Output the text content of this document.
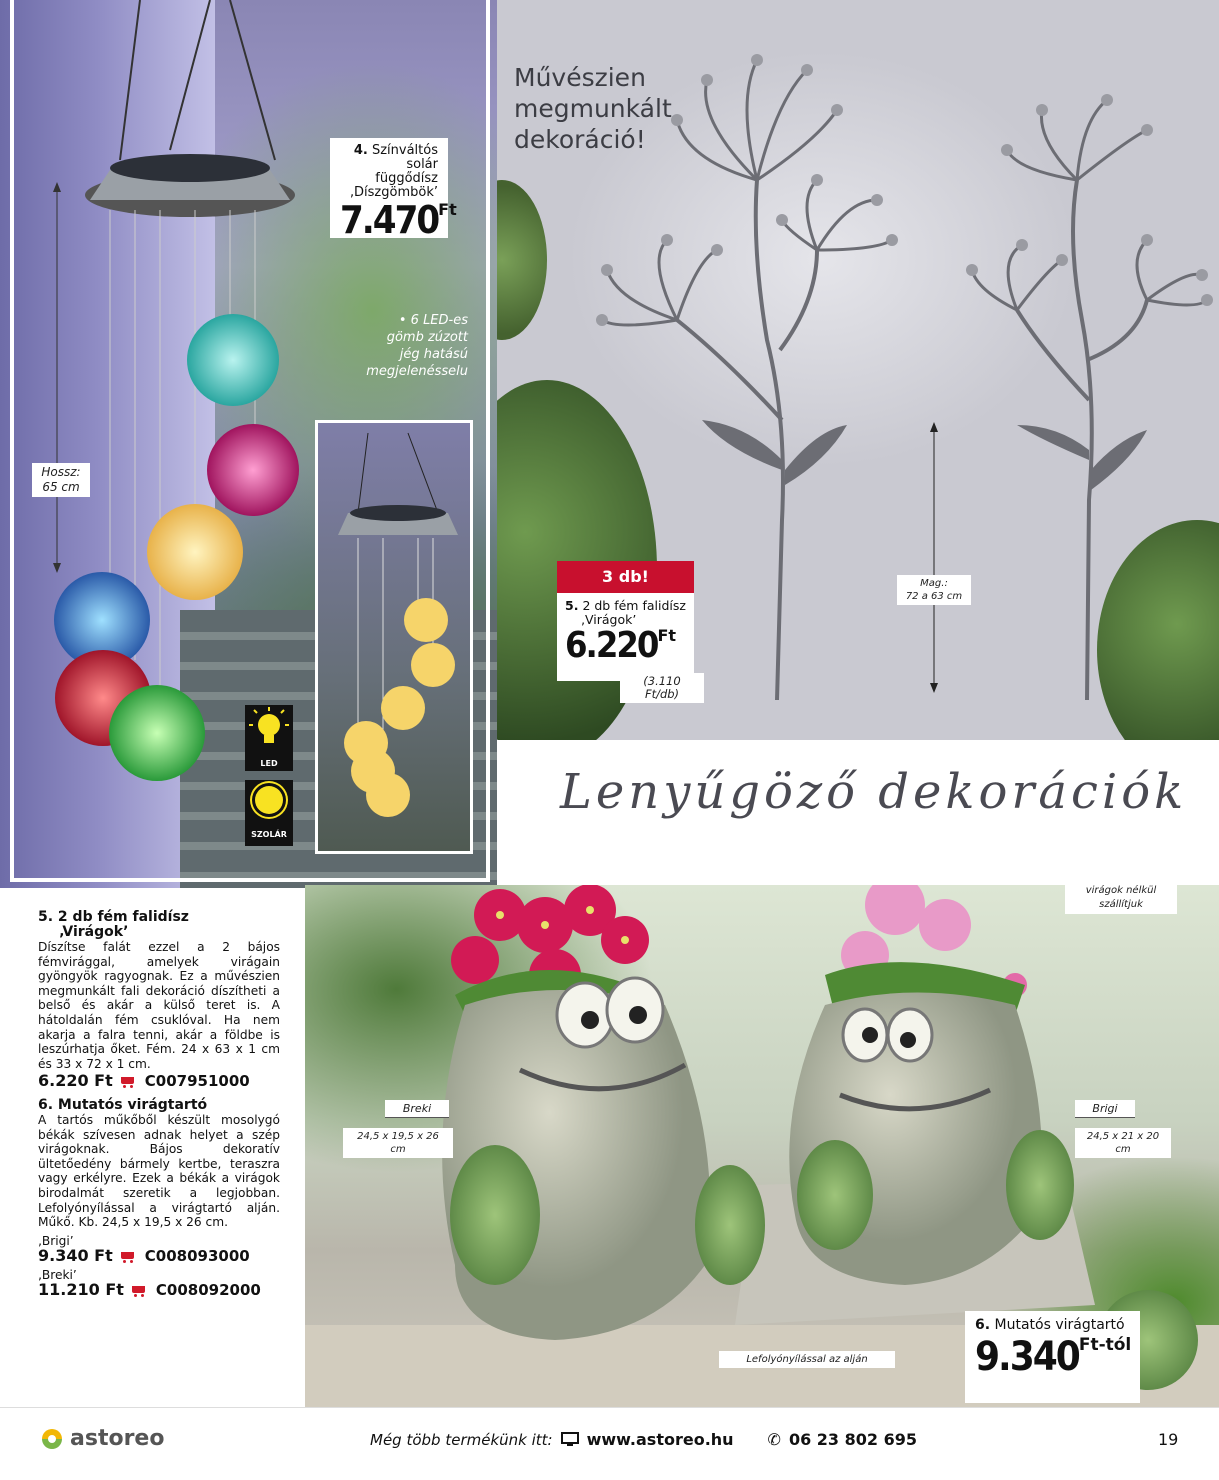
4. Színváltós
solár függődísz
‚Díszgömbök’
$7.470^{Ft}$
• 6 LED-es
gömb zúzott
jég hatású
megjelenésselu
Hossz:
65 cm
LED
SZOLÁR
Művészien
megmunkált
dekoráció!
3 db!
5. 2 db fém falidísz
‚Virágok’
$6.220^{Ft}$
(3.110 Ft/db)
Mag.:
72 a 63 cm
Lenyűgöző dekorációk
virágok nélkül
szállítjuk
Breki
24,5 x 19,5 x 26 cm
Brigi
24,5 x 21 x 20 cm
Lefolyónyílással az alján
6. Mutatós virágtartó
$9.340^{Ft-tól}$
5. 2 db fém falidísz
‚Virágok’
Díszítse falát ezzel a 2 bájos fémvirággal, amelyek virágain gyöngyök ragyognak. Ez a művészien megmunkált fali dekoráció díszítheti a belső és akár a külső teret is. A hátoldalán fém csuklóval. Ha nem akarja a falra tenni, akár a földbe is leszúrhatja őket. Fém. 24 x 63 x 1 cm és 33 x 72 x 1 cm.
6.220 Ft C007951000
6. Mutatós virágtartó
A tartós műkőből készült mosolygó békák szívesen adnak helyet a szép virágoknak. Bájos dekoratív ültetőedény bármely kertbe, teraszra vagy erkélyre. Ezek a békák a virágok birodalmát szeretik a legjobban. Lefolyónyílással a virágtartó alján. Műkő. Kb. 24,5 x 19,5 x 26 cm.
‚Brigi’
9.340 Ft C008093000
‚Breki’
11.210 Ft C008092000
astoreo	Még több termékünk itt: www.astoreo.hu ✆ 06 23 802 695	19
